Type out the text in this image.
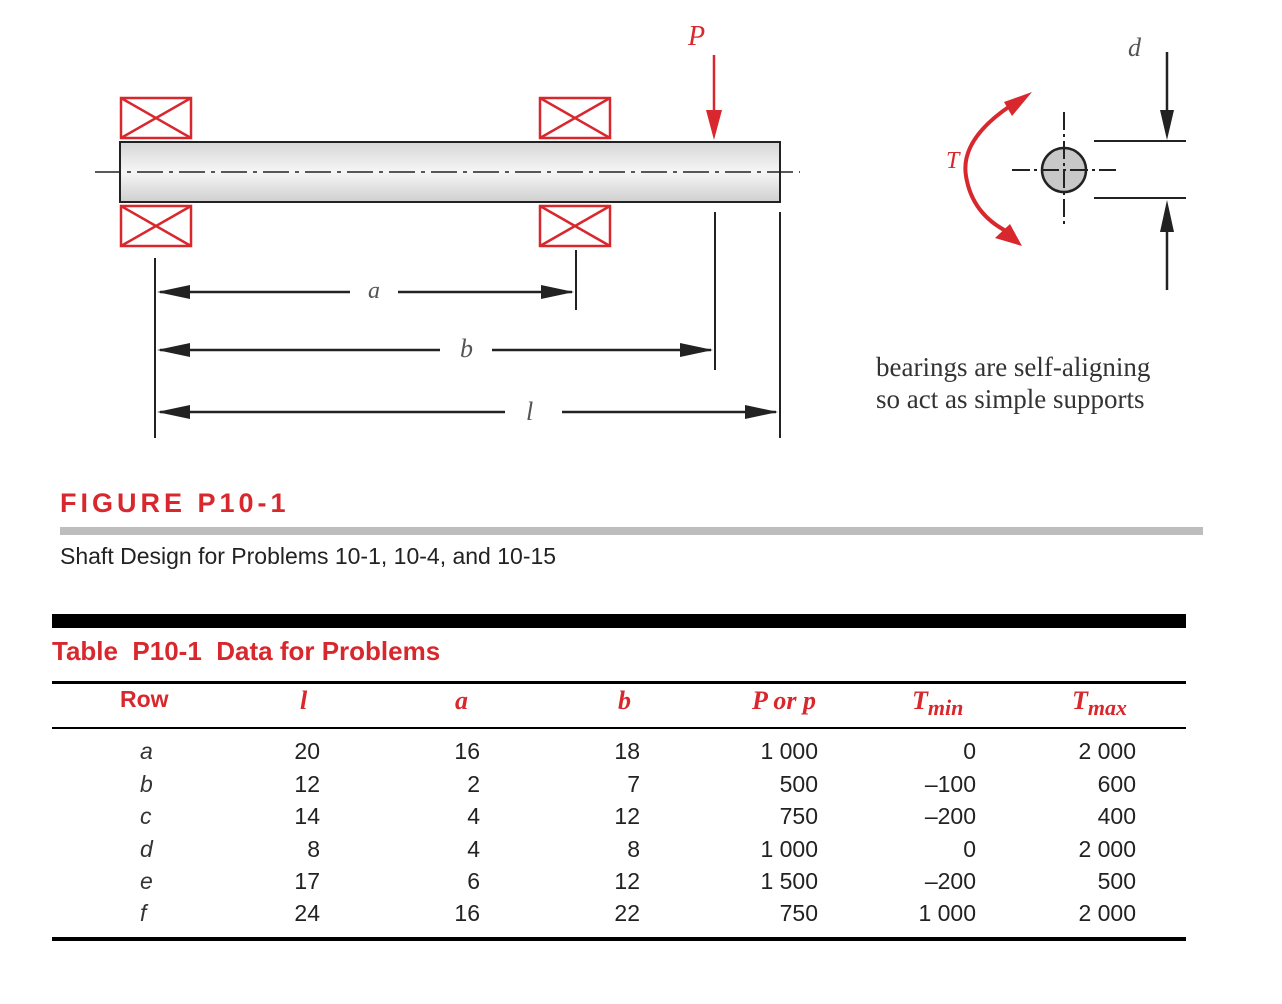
P
a
b
l
T
d
bearings are self-aligning
so act as simple supports
FIGURE P10-1
Shaft Design for Problems 10-1, 10-4, and 10-15
Table  P10-1  Data for Problems
Row	l	a	b	P or p	$T_{min}$	$T_{max}$
a	20	16	18	1 000	0	2 000
b	12	2	7	500	–100	600
c	14	4	12	750	–200	400
d	8	4	8	1 000	0	2 000
e	17	6	12	1 500	–200	500
f	24	16	22	750	1 000	2 000
